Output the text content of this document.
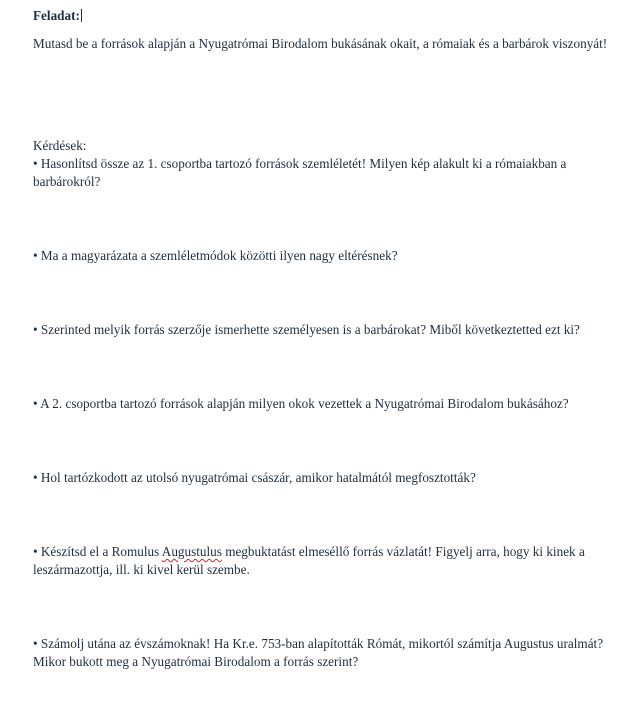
Feladat:
Mutasd be a források alapján a Nyugatrómai Birodalom bukásának okait, a rómaiak és a barbárok viszonyát!
Kérdések:
• Hasonlítsd össze az 1. csoportba tartozó források szemléletét! Milyen kép alakult ki a rómaiakban a barbárokról?
• Ma a magyarázata a szemléletmódok közötti ilyen nagy eltérésnek?
• Szerinted melyik forrás szerzője ismerhette személyesen is a barbárokat? Miből következtetted ezt ki?
• A 2. csoportba tartozó források alapján milyen okok vezettek a Nyugatrómai Birodalom bukásához?
• Hol tartózkodott az utolsó nyugatrómai császár, amikor hatalmától megfosztották?
• Készítsd el a Romulus Augustulus megbuktatást elmeséllő forrás vázlatát! Figyelj arra, hogy ki kinek a leszármazottja, ill. ki kivel kerül szembe.
• Számolj utána az évszámoknak! Ha Kr.e. 753-ban alapították Rómát, mikortól számítja Augustus uralmát? Mikor bukott meg a Nyugatrómai Birodalom a forrás szerint?
